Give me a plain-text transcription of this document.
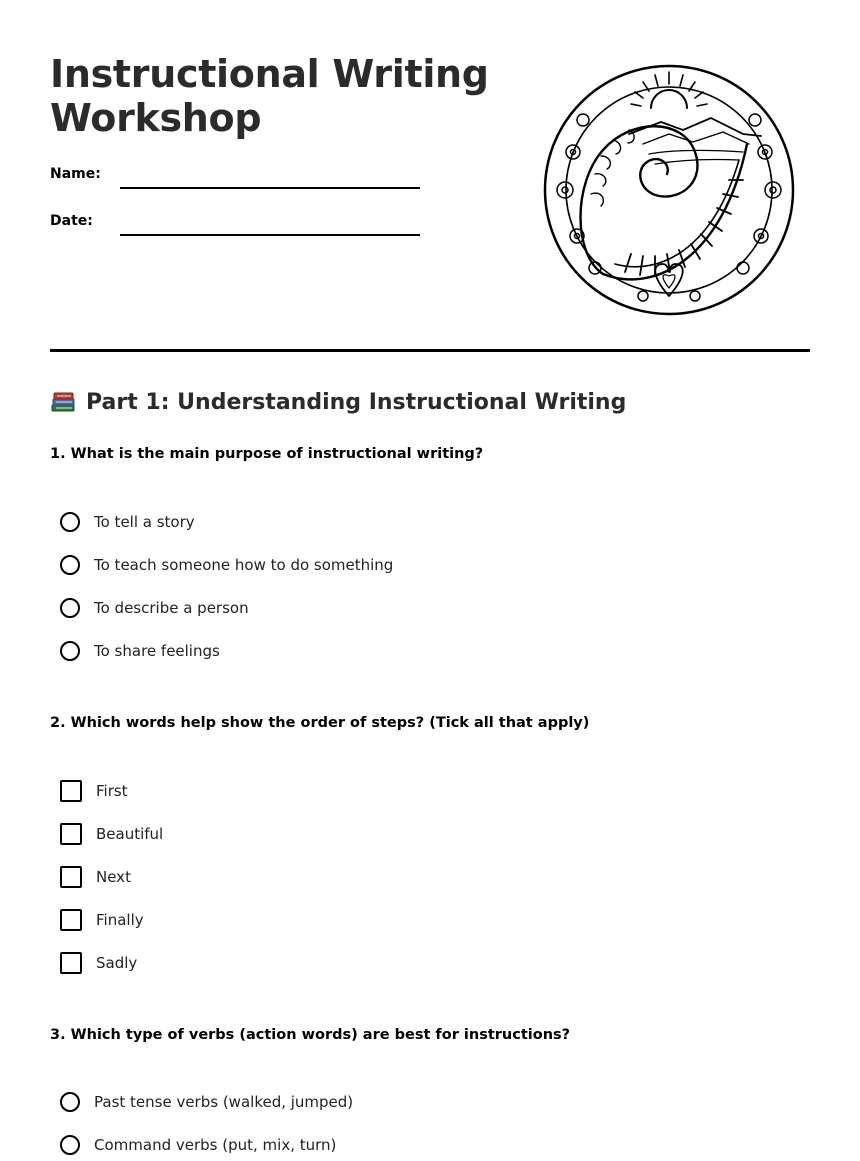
Instructional Writing
Workshop
Name:
Date:
Part 1: Understanding Instructional Writing
1. What is the main purpose of instructional writing?
To tell a story
To teach someone how to do something
To describe a person
To share feelings
2. Which words help show the order of steps? (Tick all that apply)
First
Beautiful
Next
Finally
Sadly
3. Which type of verbs (action words) are best for instructions?
Past tense verbs (walked, jumped)
Command verbs (put, mix, turn)
